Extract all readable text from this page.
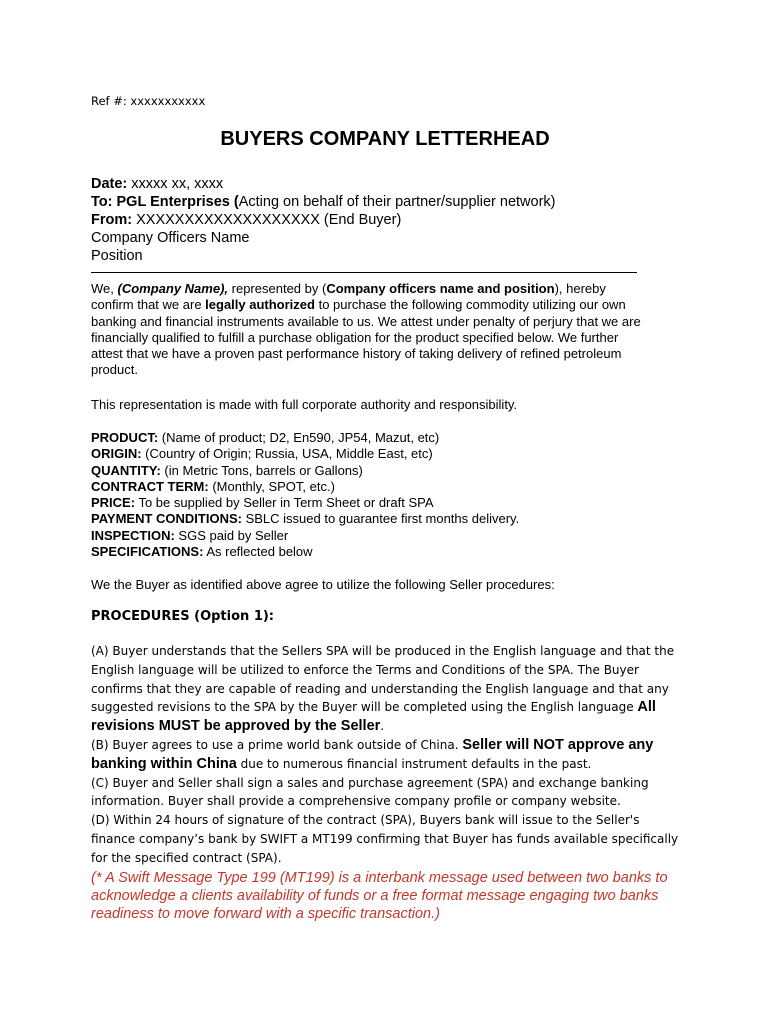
Ref #: xxxxxxxxxxx
BUYERS COMPANY LETTERHEAD
Date: xxxxx xx, xxxx
To: PGL Enterprises (Acting on behalf of their partner/supplier network)
From: XXXXXXXXXXXXXXXXXXX (End Buyer)
Company Officers Name
Position

We, (Company Name), represented by (Company officers name and position), hereby confirm that we are legally authorized to purchase the following commodity utilizing our own banking and financial instruments available to us. We attest under penalty of perjury that we are financially qualified to fulfill a purchase obligation for the product specified below. We further attest that we have a proven past performance history of taking delivery of refined petroleum product.

This representation is made with full corporate authority and responsibility.

PRODUCT: (Name of product; D2, En590, JP54, Mazut, etc)
ORIGIN: (Country of Origin; Russia, USA, Middle East, etc)
QUANTITY: (in Metric Tons, barrels or Gallons)
CONTRACT TERM: (Monthly, SPOT, etc.)
PRICE: To be supplied by Seller in Term Sheet or draft SPA
PAYMENT CONDITIONS: SBLC issued to guarantee first months delivery.
INSPECTION: SGS paid by Seller
SPECIFICATIONS: As reflected below

We the Buyer as identified above agree to utilize the following Seller procedures:

PROCEDURES (Option 1):

(A) Buyer understands that the Sellers SPA will be produced in the English language and that the English language will be utilized to enforce the Terms and Conditions of the SPA. The Buyer confirms that they are capable of reading and understanding the English language and that any suggested revisions to the SPA by the Buyer will be completed using the English language All revisions MUST be approved by the Seller.

(B) Buyer agrees to use a prime world bank outside of China. Seller will NOT approve any banking within China due to numerous financial instrument defaults in the past.

(C) Buyer and Seller shall sign a sales and purchase agreement (SPA) and exchange banking information. Buyer shall provide a comprehensive company profile or company website.

(D) Within 24 hours of signature of the contract (SPA), Buyers bank will issue to the Seller's finance company’s bank by SWIFT a MT199 confirming that Buyer has funds available specifically for the specified contract (SPA).

(* A Swift Message Type 199 (MT199) is a interbank message used between two banks to acknowledge a clients availability of funds or a free format message engaging two banks readiness to move forward with a specific transaction.)
